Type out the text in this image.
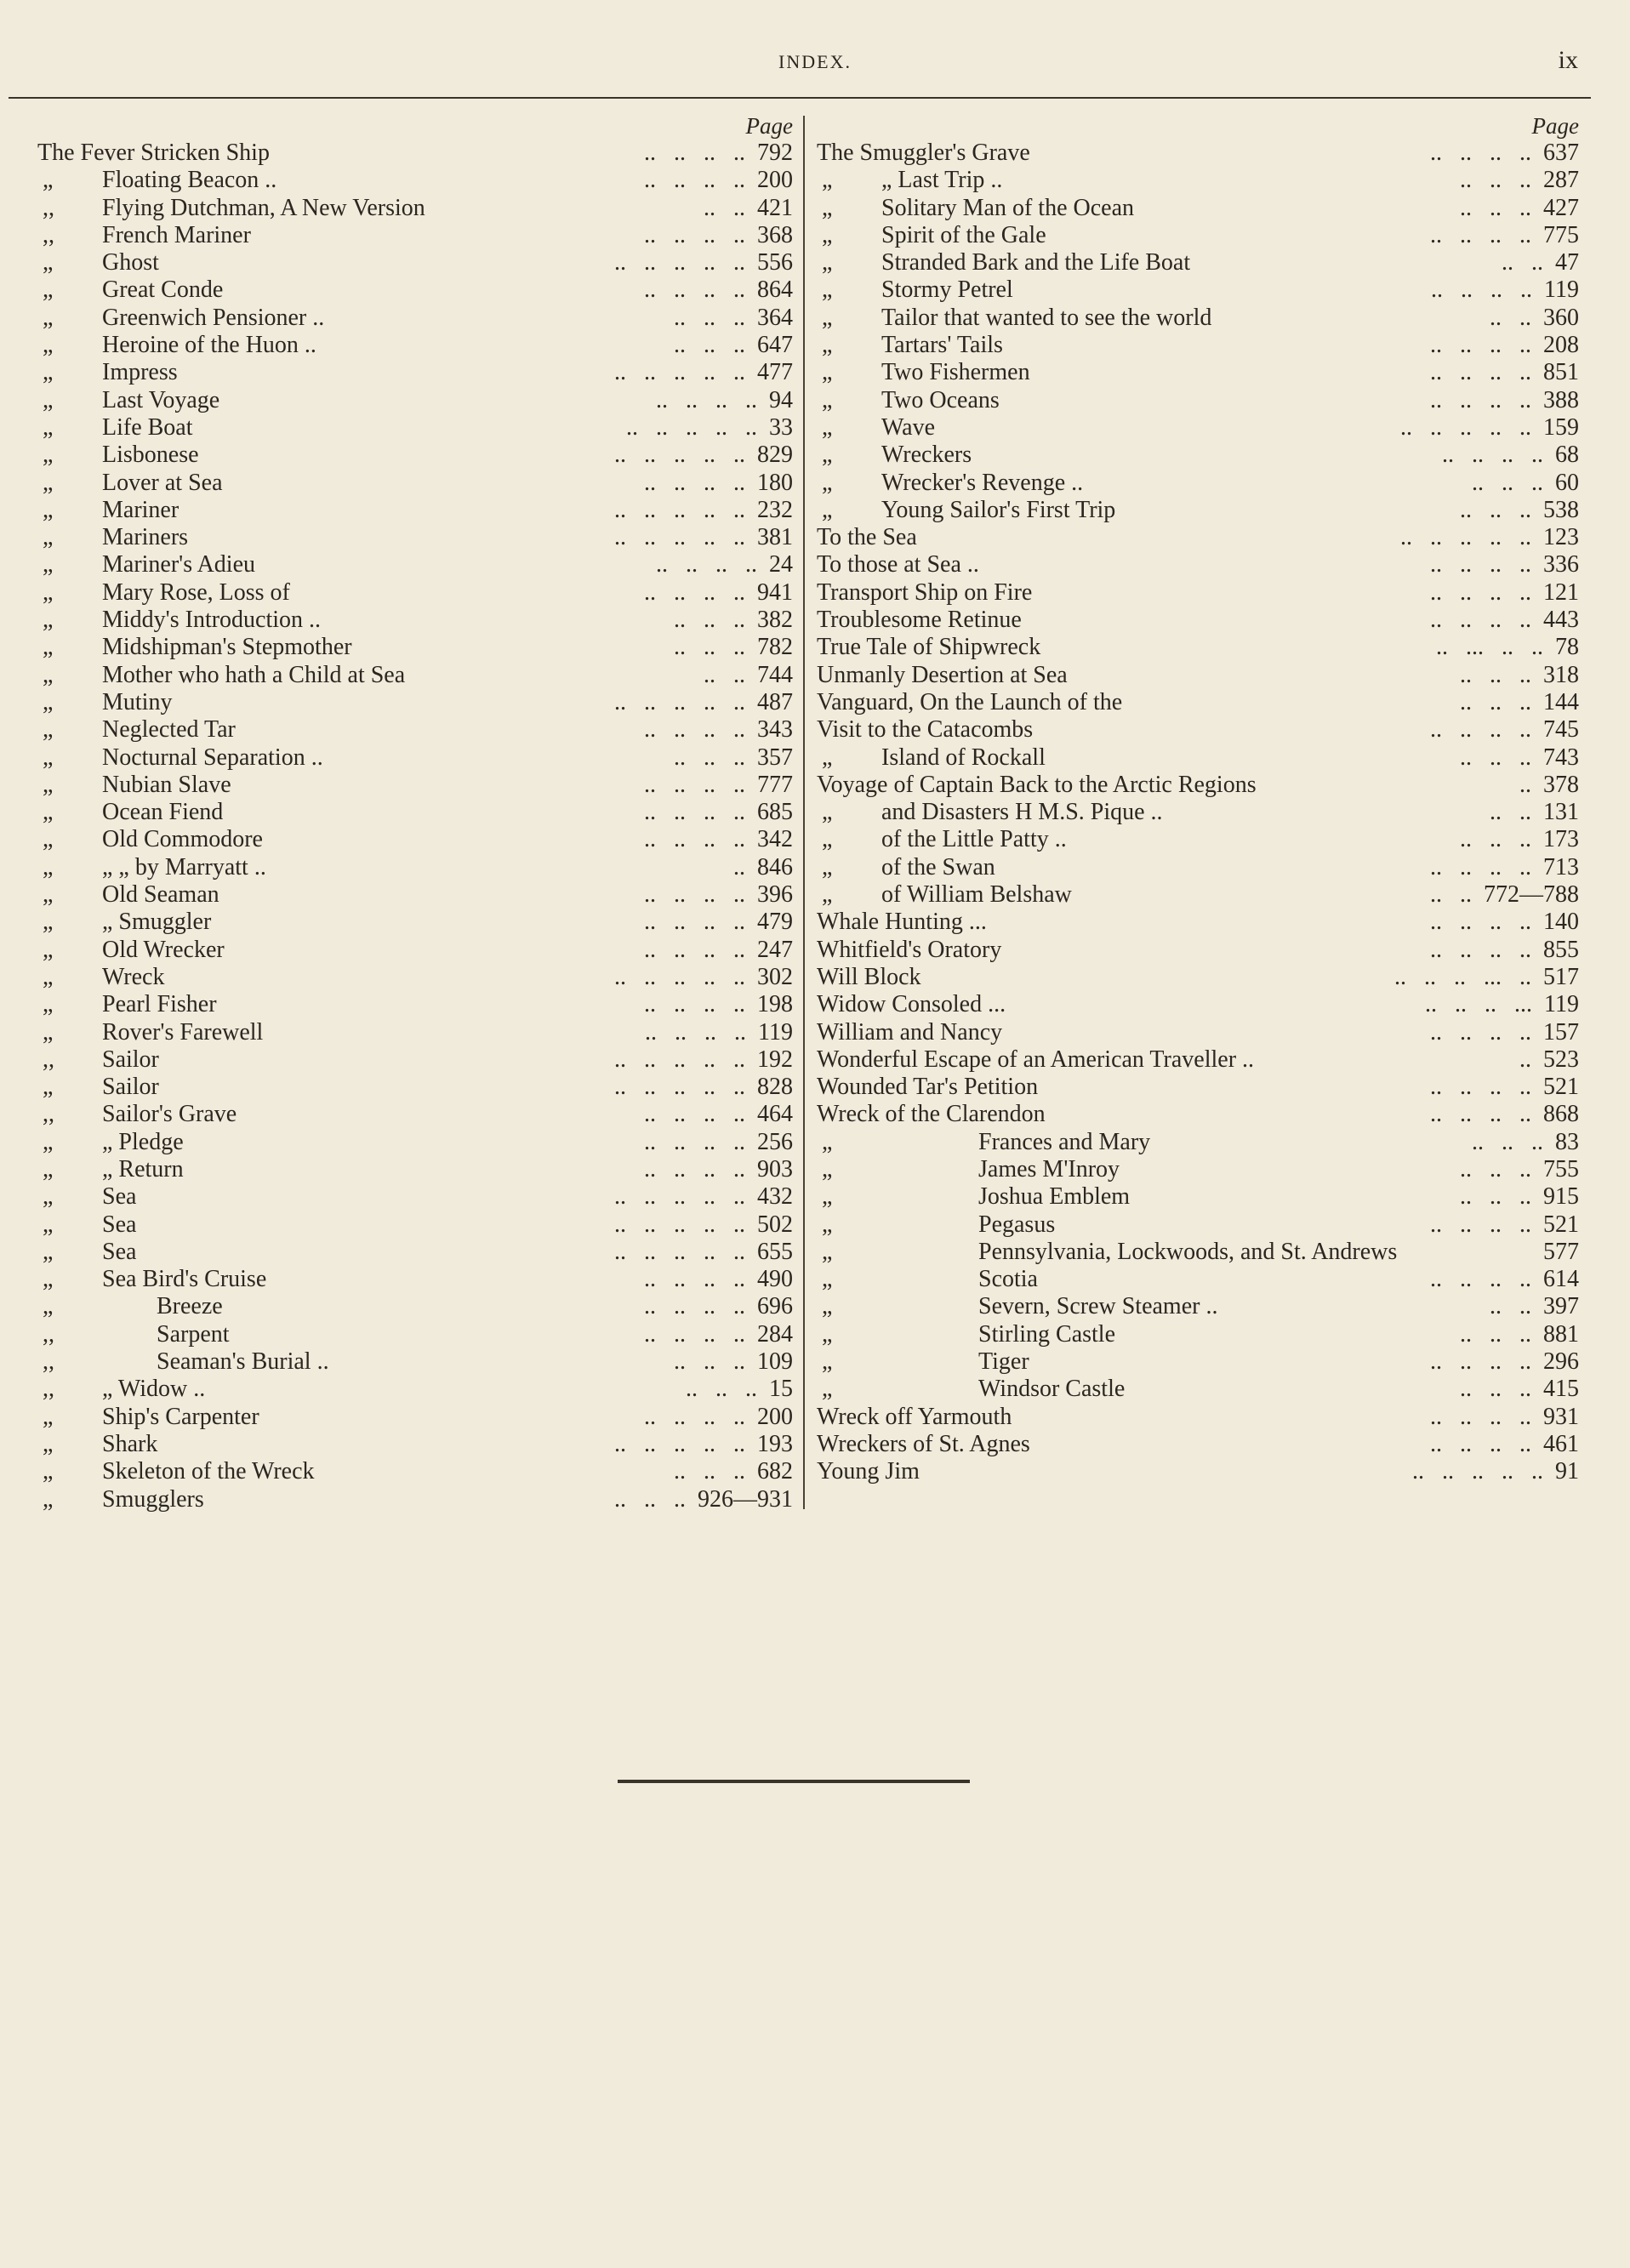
INDEX.	ix
Page
The Fever Stricken Ship	..   ..   ..   .. 792
„ Floating Beacon ..	..   ..   ..   .. 200
,, Flying Dutchman, A New Version	..   .. 421
,, French Mariner	..   ..   ..   .. 368
„ Ghost	..   ..   ..   ..   .. 556
„ Great Conde	..   ..   ..   .. 864
„ Greenwich Pensioner ..	..   ..   .. 364
„ Heroine of the Huon ..	..   ..   .. 647
„ Impress	..   ..   ..   ..   .. 477
„ Last Voyage	..   ..   ..   .. 94
„ Life Boat	..   ..   ..   ..   .. 33
„ Lisbonese	..   ..   ..   ..   .. 829
„ Lover at Sea	..   ..   ..   .. 180
„ Mariner	..   ..   ..   ..   .. 232
„ Mariners	..   ..   ..   ..   .. 381
„ Mariner's Adieu	..   ..   ..   .. 24
„ Mary Rose, Loss of	..   ..   ..   .. 941
„ Middy's Introduction ..	..   ..   .. 382
„ Midshipman's Stepmother	..   ..   .. 782
„ Mother who hath a Child at Sea	..   .. 744
„ Mutiny	..   ..   ..   ..   .. 487
„ Neglected Tar	..   ..   ..   .. 343
„ Nocturnal Separation ..	..   ..   .. 357
„ Nubian Slave	..   ..   ..   .. 777
„ Ocean Fiend	..   ..   ..   .. 685
„ Old Commodore	..   ..   ..   .. 342
„ „ „ by Marryatt ..	.. 846
„ Old Seaman	..   ..   ..   .. 396
„ „ Smuggler	..   ..   ..   .. 479
„ Old Wrecker	..   ..   ..   .. 247
„ Wreck	..   ..   ..   ..   .. 302
„ Pearl Fisher	..   ..   ..   .. 198
„ Rover's Farewell	..   ..   ..   .. 119
,, Sailor	..   ..   ..   ..   .. 192
„ Sailor	..   ..   ..   ..   .. 828
,, Sailor's Grave	..   ..   ..   .. 464
„ „ Pledge	..   ..   ..   .. 256
„ „ Return	..   ..   ..   .. 903
„ Sea	..   ..   ..   ..   .. 432
„ Sea	..   ..   ..   ..   .. 502
„ Sea	..   ..   ..   ..   .. 655
„ Sea Bird's Cruise	..   ..   ..   .. 490
„	Breeze	..   ..   ..   .. 696
,,	Sarpent	..   ..   ..   .. 284
,,	Seaman's Burial ..	..   ..   .. 109
,, „ Widow ..	..   ..   .. 15
„ Ship's Carpenter	..   ..   ..   .. 200
„ Shark	..   ..   ..   ..   .. 193
„ Skeleton of the Wreck	..   ..   .. 682
„ Smugglers	..   ..   .. 926—931
Page
The Smuggler's Grave	..   ..   ..   .. 637
„ „ Last Trip ..	..   ..   .. 287
„ Solitary Man of the Ocean	..   ..   .. 427
„ Spirit of the Gale	..   ..   ..   .. 775
„ Stranded Bark and the Life Boat	..   .. 47
„ Stormy Petrel	..   ..   ..   .. 119
„ Tailor that wanted to see the world	..   .. 360
„ Tartars' Tails	..   ..   ..   .. 208
„ Two Fishermen	..   ..   ..   .. 851
„ Two Oceans	..   ..   ..   .. 388
„ Wave	..   ..   ..   ..   .. 159
„ Wreckers	..   ..   ..   .. 68
„ Wrecker's Revenge ..	..   ..   .. 60
„ Young Sailor's First Trip	..   ..   .. 538
To the Sea	..   ..   ..   ..   .. 123
To those at Sea ..	..   ..   ..   .. 336
Transport Ship on Fire	..   ..   ..   .. 121
Troublesome Retinue	..   ..   ..   .. 443
True Tale of Shipwreck	..   ...   ..   .. 78
Unmanly Desertion at Sea	..   ..   .. 318
Vanguard, On the Launch of the	..   ..   .. 144
Visit to the Catacombs	..   ..   ..   .. 745
„ Island of Rockall	..   ..   .. 743
Voyage of Captain Back to the Arctic Regions	.. 378
„ and Disasters H M.S. Pique ..	..   .. 131
„ of the Little Patty ..	..   ..   .. 173
„ of the Swan	..   ..   ..   .. 713
„ of William Belshaw	..   .. 772—788
Whale Hunting ...	..   ..   ..   .. 140
Whitfield's Oratory	..   ..   ..   .. 855
Will Block	..   ..   ..   ...   .. 517
Widow Consoled ...	..   ..   ..   ... 119
William and Nancy	..   ..   ..   .. 157
Wonderful Escape of an American Traveller ..	.. 523
Wounded Tar's Petition	..   ..   ..   .. 521
Wreck of the Clarendon	..   ..   ..   .. 868
„	Frances and Mary	..   ..   .. 83
„	James M'Inroy	..   ..   .. 755
„	Joshua Emblem	..   ..   .. 915
„	Pegasus	..   ..   ..   .. 521
„	Pennsylvania, Lockwoods, and St. Andrews	577
„	Scotia	..   ..   ..   .. 614
„	Severn, Screw Steamer ..	..   .. 397
„	Stirling Castle	..   ..   .. 881
„	Tiger	..   ..   ..   .. 296
„	Windsor Castle	..   ..   .. 415
Wreck off Yarmouth	..   ..   ..   .. 931
Wreckers of St. Agnes	..   ..   ..   .. 461
Young Jim	..   ..   ..   ..   .. 91
